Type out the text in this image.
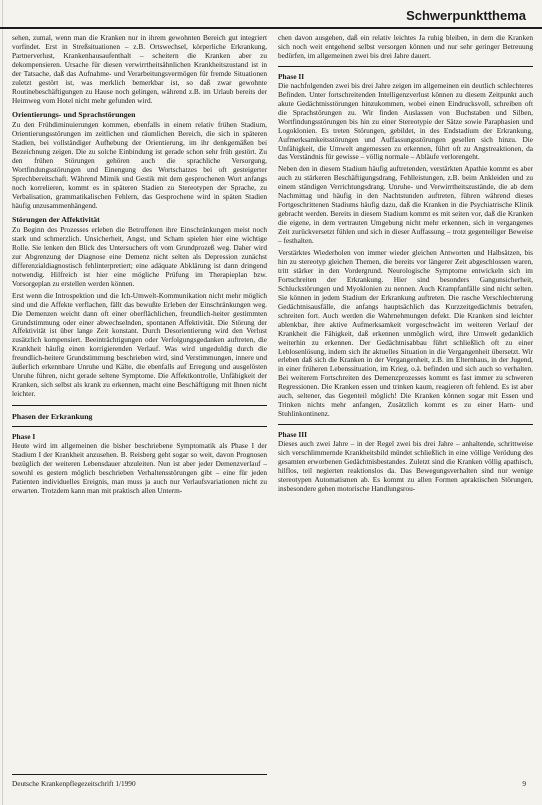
Schwerpunktthema

sehen, zumal, wenn man die Kranken nur in ihrem gewohnten Bereich gut integriert vorfindet. Erst in Streßsituationen – z.B. Ortswechsel, körperliche Erkrankung, Partnerverlust, Krankenhausaufenthalt – scheitern die Kranken aber zu dekompensieren. Ursache für diesen verwirrtheitsähnlichen Krankheitszustand ist in der Tatsache, daß das Aufnahme- und Verarbeitungsvermögen für fremde Situationen zuletzt gestört ist, was merklich bemerkbar ist, so daß zwar gewohnte Routinebeschäftigungen zu Hause noch gelingen, während z.B. im Urlaub bereits der Heimweg vom Hotel nicht mehr gefunden wird.

Orientierungs- und Sprachstörungen

Zu den Frühdiminuierungen kommen, ebenfalls in einem relativ frühen Stadium, Orientierungsstörungen im zeitlichen und räumlichen Bereich, die sich in späteren Stadien, bei vollständiger Aufhebung der Orientierung, im ihr denkgemäßen bei Bezeichnung zeigen. Die zu solche Einbindung ist gerade schon sehr früh gestört. Zu den frühen Störungen gehören auch die sprachliche Versorgung, Wortfindungsstörungen und Einengung des Wortschatzes bei oft gesteigerter Sprechbereitschaft. Während Mimik und Gestik mit dem gesprochenen Wort anfangs noch korrelieren, kommt es in späteren Stadien zu Stereotypen der Sprache, zu Verbalisation, grammatikalischen Fehlern, das Gesprochene wird in späten Stadien häufig unzusammenhängend.

Störungen der Affektivität

Zu Beginn des Prozesses erleben die Betroffenen ihre Einschränkungen meist noch stark und schmerzlich. Unsicherheit, Angst, und Scham spielen hier eine wichtige Rolle. Sie lenken den Blick des Untersuchers oft vom Grundprozeß weg. Daher wird zur Abgrenzung der Diagnose eine Demenz nicht selten als Depression zunächst differenzialdiagnostisch fehlinterpretiert; eine adäquate Abklärung ist dann dringend notwendig. Hilfreich ist hier eine mögliche Prüfung im Therapieplan bzw. Vorsorgeplan zu erstellen werden können.

Erst wenn die Introspektion und die Ich-Umwelt-Kommunikation nicht mehr möglich sind und die Affekte verflachen, fällt das bewußte Erleben der Einschränkungen weg. Die Demenzen weicht dann oft einer oberflächlichen, freundlich-heiter gestimmten Grundstimmung oder einer abwechselnden, spontanen Affektivität. Die Störung der Affektivität ist über lange Zeit konstant. Durch Desorientierung wird den Verlust zusätzlich kompensiert. Beeinträchtigungen oder Verfolgungsgedanken auftreten, die Krankheit häufig einen korrigierenden Verlauf. Was wird ungeduldig durch die freundlich-heitere Grundstimmung beschrieben wird, sind Verstimmungen, innere und äußerlich erkennbare Unruhe und Kälte, die ebenfalls auf Erregung und ausgelösten Unruhe führen, nicht gerade seltene Symptome. Die Affektkontrolle, Unfähigkeit der Kranken, sich selbst als krank zu erkennen, macht eine Beschäftigung mit Ihnen nicht leichter.

Phasen der Erkrankung
Phase I

Heute wird im allgemeinen die bisher beschriebene Symptomatik als Phase I der Stadium I der Krankheit anzusehen. B. Reisberg geht sogar so weit, davon Prognosen bezüglich der weiteren Lebensdauer abzuleiten. Nun ist aber jeder Demenzverlauf – sowohl es gestern möglich beschrieben Verhaltensstörungen gibt – eine für jeden Patienten individuelles Ereignis, man muss ja auch nur Verlaufsvariationen nicht zu erwarten. Trotzdem kann man mit praktisch allen Unterm-

chen davon ausgehen, daß ein relativ leichtes Ja ruhig bleiben, in dem die Kranken sich noch weit entgehend selbst versorgen können und nur sehr geringer Betreuung bedürfen, im allgemeinen zwei bis drei Jahre dauert.

Phase II

Die nachfolgenden zwei bis drei Jahre zeigen im allgemeinen ein deutlich schlechteres Befinden. Unter fortschreitenden Intelligenzverlust können zu diesem Zeitpunkt auch akute Gedächtnisstörungen hinzukommen, wobei einen Eindrucksvoll, schreiben oft die Sprachstörungen zu. Wir finden Auslassen von Buchstaben und Silben, Wortfindungsstörungen bis hin zu einer Stereotypie der Sätze sowie Paraphasien und Logoklonien. Es treten Störungen, gebildet, in des Endstadium der Erkrankung, Aufmerksamkeitsstörungen und Auffassungsstörungen gesellen sich hinzu. Die Unfähigkeit, die Umwelt angemessen zu erkennen, führt oft zu Angstreaktionen, da das Verständnis für gewisse – völlig normale – Abläufe verlorengeht.

Neben den in diesem Stadium häufig auftretenden, verstärkten Apathie kommt es aber auch zu stärkeren Beschäftigungsdrang, Fehlleistungen, z.B. beim Ankleiden und zu einem ständigen Verrichtungsdrang. Unruhe- und Verwirrtheitszustände, die ab dem Nachmittag und häufig in den Nachtstunden auftreten, führen während dieses Fortgeschrittenen Stadiums häufig dazu, daß die Kranken in die Psychiatrische Klinik gebracht werden. Bereits in diesem Stadium kommt es mit seiten vor, daß die Kranken die eigene, in dem vertrauten Umgebung nicht mehr erkennen, sich in vergangenes Zeit zurückversetzt fühlen und sich in dieser Auffassung – trotz gegenteiliger Beweise – festhalten.

Verstärktes Wiederholen von immer wieder gleichen Antworten und Halbsätzen, bis hin zu stereotyp gleichen Themen, die bereits vor längerer Zeit abgeschlossen waren, tritt stärker in den Vordergrund. Neurologische Symptome entwickeln sich im Fortschreiten der Erkrankung. Hier sind besonders Gangunsicherheit, Schluckstörungen und Myoklonien zu nennen. Auch Krampfanfälle sind nicht selten. Sie können in jedem Stadium der Erkrankung auftreten. Die rasche Verschlechterung Gedächtnisausfälle, die anfangs hauptsächlich das Kurzzeitgedächtnis betrafen, schreiten fort. Auch werden die Wahrnehmungen defekt. Die Kranken sind leichter ablenkbar, ihre aktive Aufmerksamkeit vorgeschwächt im weiteren Verlauf der Krankheit die Fähigkeit, daß erkennen unmöglich wird, ihre Umwelt gedanklich weiterhin zu erkennen. Der Gedächtnisabbau führt schließlich oft zu einer Leblosenlösung, indem sich ihr aktuelles Situation in die Vergangenheit übersetzt. Wir erleben daß sich die Kranken in der Vergangenheit, z.B. im Elternhaus, in der Jugend, in einer früheren Lebenssituation, im Krieg, o.ä. befinden und sich auch so verhalten. Bei weiterem Fortschreiten des Demenzprozesses kommt es fast immer zu schweren Regressionen. Die Kranken essen und trinken kaum, reagieren oft fehlend. Es ist aber auch, seltener, das Gegenteil möglich! Die Kranken können sogar mit Essen und Trinken nichts mehr anfangen, Zusätzlich kommt es zu einer Harn- und Stuhlinkontinenz.

Phase III

Dieses auch zwei Jahre – in der Regel zwei bis drei Jahre – anhaltende, schrittweise sich verschlimmernde Krankheitsbild mündet schließlich in eine völlige Verödung des gesamten erworbenen Gedächtnisbestandes. Zuletzt sind die Kranken völlig apathisch, hilflos, teil negierten reaktionslos da. Das Bewegungsverhalten sind nur wenige stereotypen Automatismen ab. Es kommt zu allen Formen apraktischen Störungen, insbesondere gehen motorische Handlungsrou-

Deutsche Krankenpflegezeitschrift 1/1990	9
